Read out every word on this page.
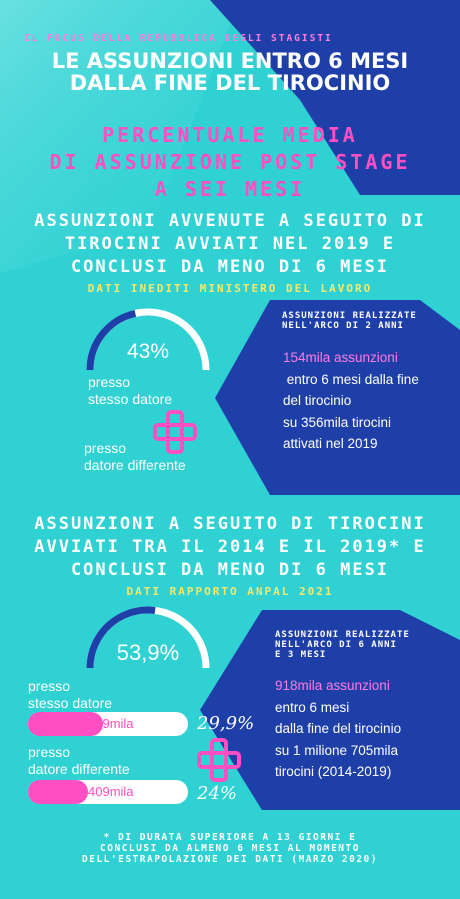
IL FOCUS DELLA REPUBBLICA DEGLI STAGISTI
LE ASSUNZIONI ENTRO 6 MESI
DALLA FINE DEL TIROCINIO
PERCENTUALE MEDIA
DI ASSUNZIONE POST STAGE
A SEI MESI
ASSUNZIONI AVVENUTE A SEGUITO DI
TIROCINI AVVIATI NEL 2019 E
CONCLUSI DA MENO DI 6 MESI
DATI INEDITI MINISTERO DEL LAVORO
43%
presso
stesso datore
presso
datore differente
ASSUNZIONI REALIZZATE
NELL'ARCO DI 2 ANNI
154mila assunzioni
entro 6 mesi dalla fine
del tirocinio
su 356mila tirocini
attivati nel 2019
ASSUNZIONI A SEGUITO DI TIROCINI
AVVIATI TRA IL 2014 E IL 2019* E
CONCLUSI DA MENO DI 6 MESI
DATI RAPPORTO ANPAL 2021
53,9%
presso
stesso datore
509mila	29,9%
presso
datore differente
409mila	24%
ASSUNZIONI REALIZZATE
NELL'ARCO DI 6 ANNI
E 3 MESI
918mila assunzioni
entro 6 mesi
dalla fine del tirocinio
su 1 milione 705mila
tirocini (2014-2019)
* DI DURATA SUPERIORE A 13 GIORNI E
CONCLUSI DA ALMENO 6 MESI AL MOMENTO
DELL'ESTRAPOLAZIONE DEI DATI (MARZO 2020)
